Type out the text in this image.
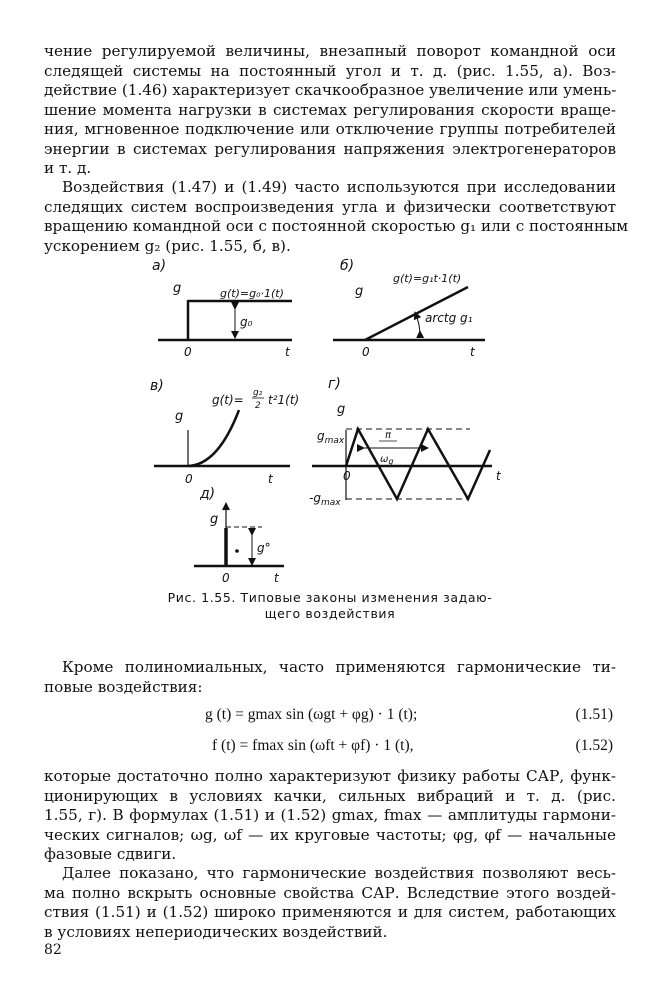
чение регулируемой величины, внезапный поворот командной оси
следящей системы на постоянный угол и т. д. (рис. 1.55, а). Воз-
действие (1.46) характеризует скачкообразное увеличение или умень-
шение момента нагрузки в системах регулирования скорости враще-
ния, мгновенное подключение или отключение группы потребителей
энергии в системах регулирования напряжения электрогенераторов
и т. д.
Воздействия (1.47) и (1.49) часто используются при исследовании
следящих систем воспроизведения угла и физически соответствуют
вращению командной оси с постоянной скоростью g₁ или с постоянным
ускорением g₂ (рис. 1.55, б, в).
а)
g	g(t)=g₀·1(t)
g₀
0	t
б)
g
g(t)=g₁t·1(t)
arctg g₁
0	t
в)
g
g(t)= g₂
2 t²1(t)
0	t
г)
g
$g_{max}$
$-g_{max}$
π
$\omega_g$
0	t
д)
g
g°
0	t
Рис. 1.55. Типовые законы изменения задаю-
щего воздействия
Кроме полиномиальных, часто применяются гармонические ти-
повые воздействия:
g (t) = gmax sin (ωgt + φg) · 1 (t);	(1.51)
f (t) = fmax sin (ωft + φf) · 1 (t),	(1.52)
которые достаточно полно характеризуют физику работы САР, функ-
ционирующих в условиях качки, сильных вибраций и т. д. (рис.
1.55, г). В формулах (1.51) и (1.52) gmax, fmax — амплитуды гармони-
ческих сигналов; ωg, ωf — их круговые частоты; φg, φf — начальные
фазовые сдвиги.
Далее показано, что гармонические воздействия позволяют весь-
ма полно вскрыть основные свойства САР. Вследствие этого воздей-
ствия (1.51) и (1.52) широко применяются и для систем, работающих
в условиях непериодических воздействий.
82
